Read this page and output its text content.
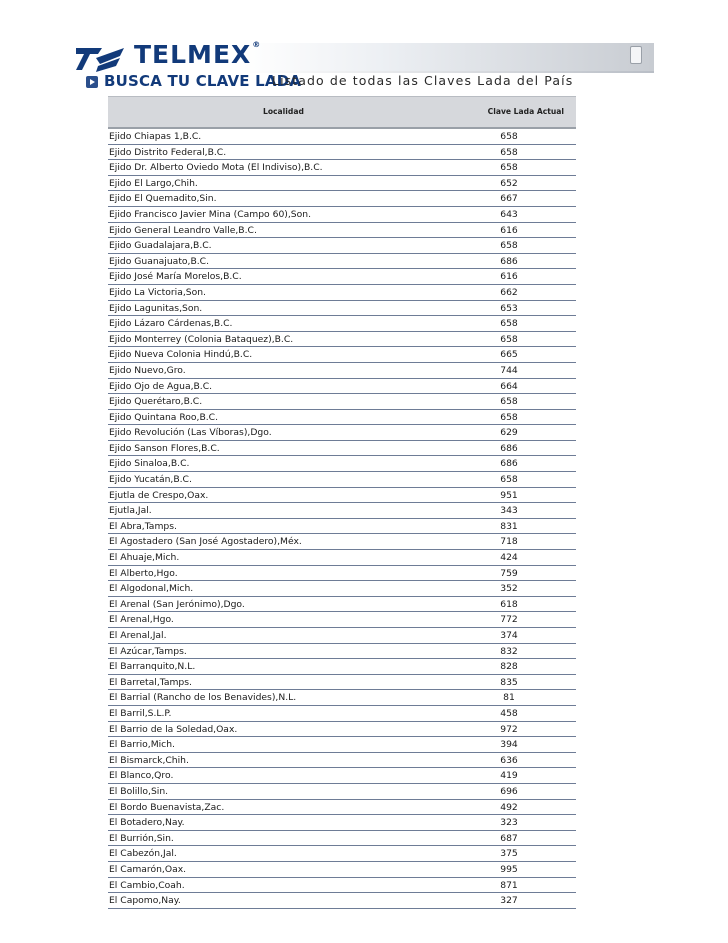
TELMEX®
BUSCA TU CLAVE LADA
Listado de todas las Claves Lada del País
Localidad	Clave Lada Actual
Ejido Chiapas 1,B.C.	658
Ejido Distrito Federal,B.C.	658
Ejido Dr. Alberto Oviedo Mota (El Indiviso),B.C.	658
Ejido El Largo,Chih.	652
Ejido El Quemadito,Sin.	667
Ejido Francisco Javier Mina (Campo 60),Son.	643
Ejido General Leandro Valle,B.C.	616
Ejido Guadalajara,B.C.	658
Ejido Guanajuato,B.C.	686
Ejido José María Morelos,B.C.	616
Ejido La Victoria,Son.	662
Ejido Lagunitas,Son.	653
Ejido Lázaro Cárdenas,B.C.	658
Ejido Monterrey (Colonia Bataquez),B.C.	658
Ejido Nueva Colonia Hindú,B.C.	665
Ejido Nuevo,Gro.	744
Ejido Ojo de Agua,B.C.	664
Ejido Querétaro,B.C.	658
Ejido Quintana Roo,B.C.	658
Ejido Revolución (Las Víboras),Dgo.	629
Ejido Sanson Flores,B.C.	686
Ejido Sinaloa,B.C.	686
Ejido Yucatán,B.C.	658
Ejutla de Crespo,Oax.	951
Ejutla,Jal.	343
El Abra,Tamps.	831
El Agostadero (San José Agostadero),Méx.	718
El Ahuaje,Mich.	424
El Alberto,Hgo.	759
El Algodonal,Mich.	352
El Arenal (San Jerónimo),Dgo.	618
El Arenal,Hgo.	772
El Arenal,Jal.	374
El Azúcar,Tamps.	832
El Barranquito,N.L.	828
El Barretal,Tamps.	835
El Barrial (Rancho de los Benavides),N.L.	81
El Barril,S.L.P.	458
El Barrio de la Soledad,Oax.	972
El Barrio,Mich.	394
El Bismarck,Chih.	636
El Blanco,Qro.	419
El Bolillo,Sin.	696
El Bordo Buenavista,Zac.	492
El Botadero,Nay.	323
El Burrión,Sin.	687
El Cabezón,Jal.	375
El Camarón,Oax.	995
El Cambio,Coah.	871
El Capomo,Nay.	327
